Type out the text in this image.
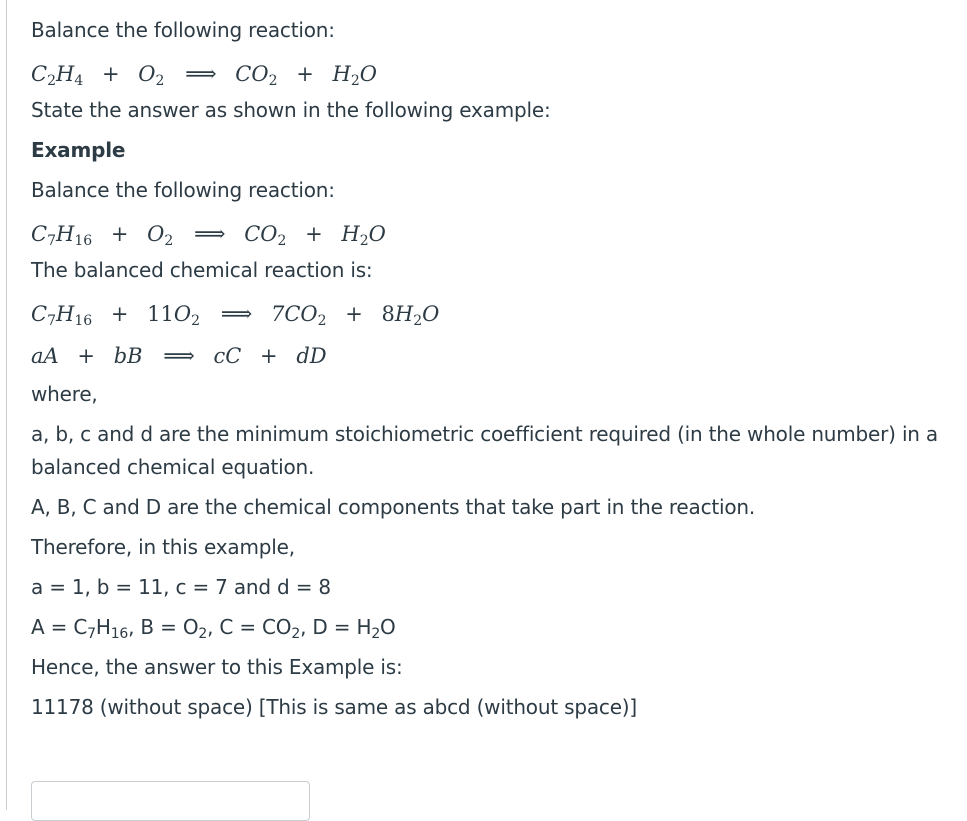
Balance the following reaction:

$C_2H_4 + O_2$ ⟹ $CO_2 + H_2O$

State the answer as shown in the following example:

Example

Balance the following reaction:

$C_7H_{16} + O_2$ ⟹ $CO_2 + H_2O$

The balanced chemical reaction is:

$C_7H_{16} + 11O_2$ ⟹ $7CO_2 + 8H_2O$
aA + bB ⟹ cC + dD

where,

a, b, c and d are the minimum stoichiometric coefficient required (in the whole number) in a balanced chemical equation.

A, B, C and D are the chemical components that take part in the reaction.

Therefore, in this example,

a = 1, b = 11, c = 7 and d = 8

$A = C_7H_{16}$, $B = O_2$, $C = CO_2$, $D = H_2O$

Hence, the answer to this Example is:

11178 (without space) [This is same as abcd (without space)]
